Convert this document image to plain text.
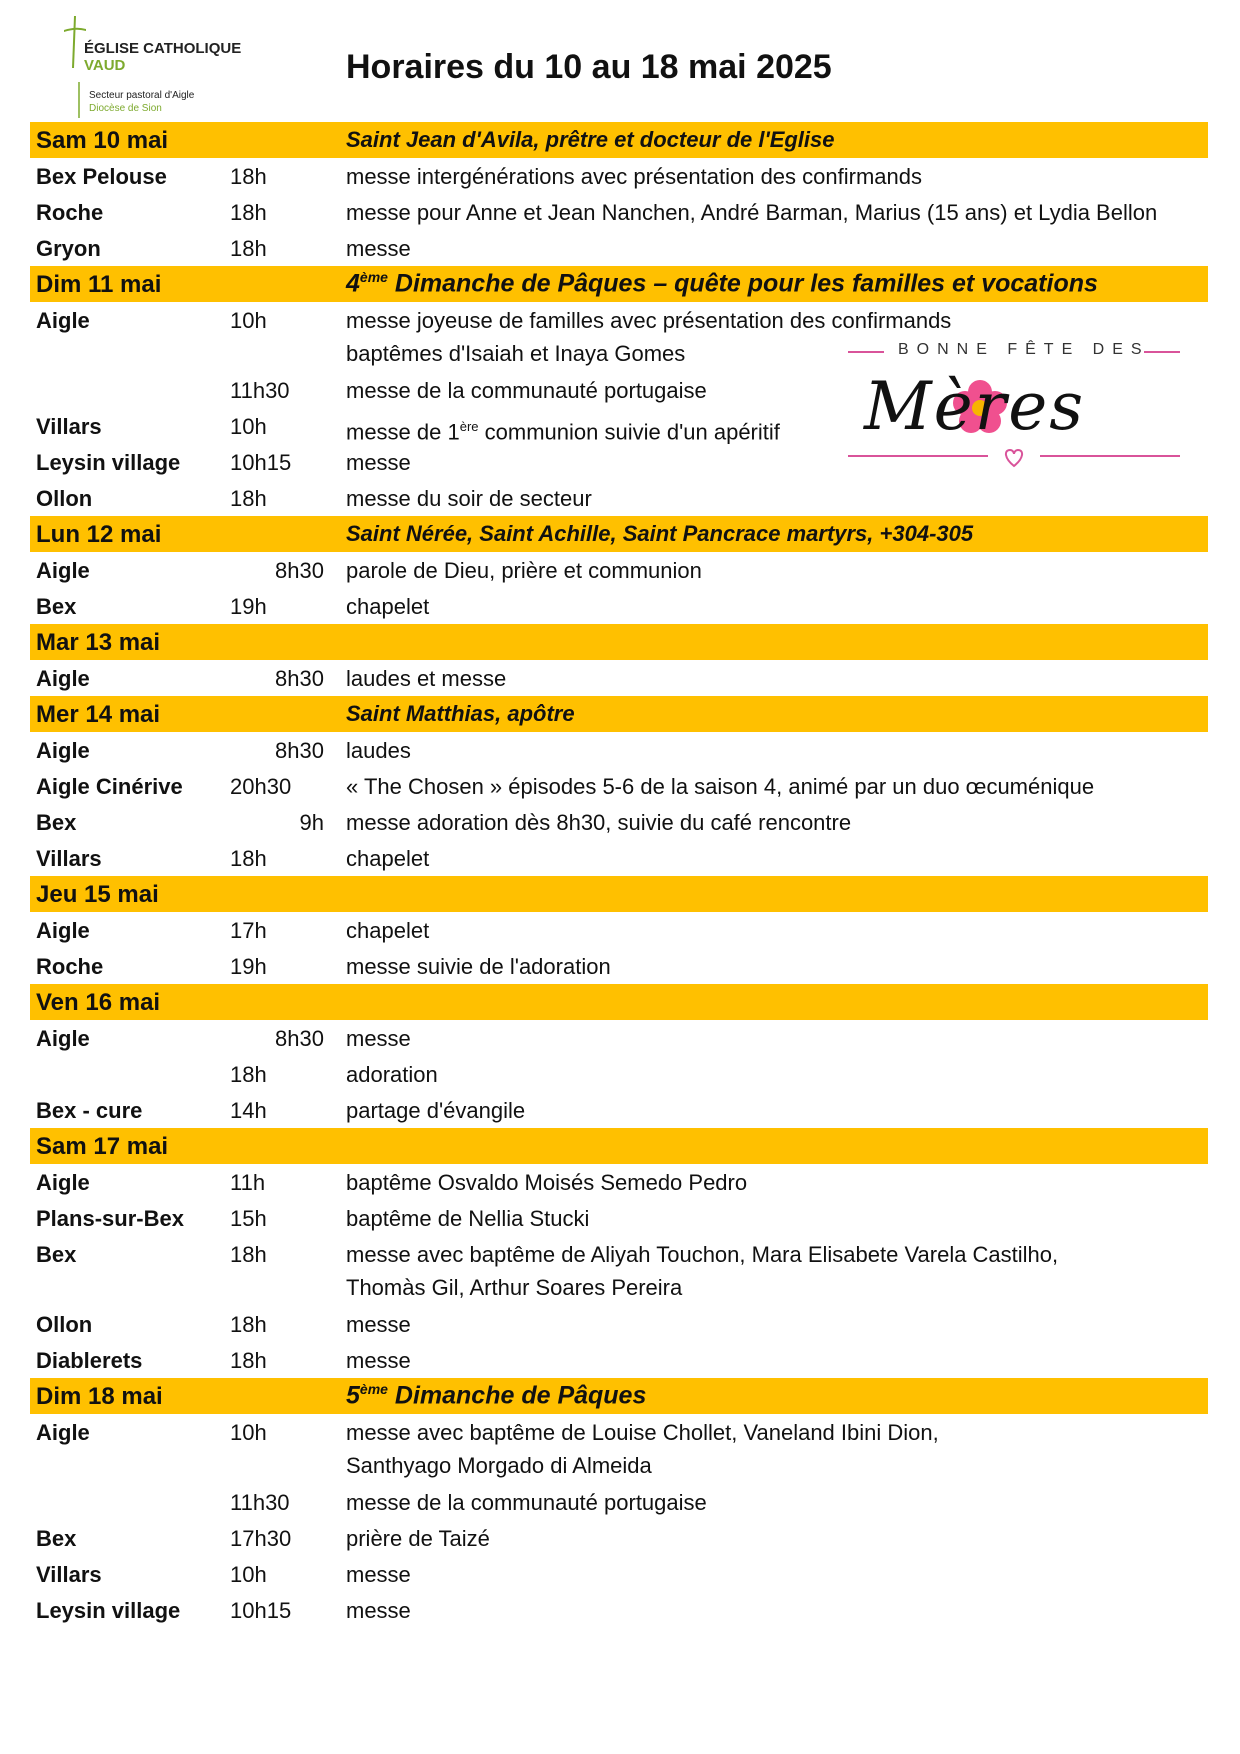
ÉGLISE CATHOLIQUE
VAUD
Secteur pastoral d'Aigle
Diocèse de Sion
Horaires du 10 au 18 mai 2025
BONNE FÊTE DES
Mères
Sam 10 mai	Saint Jean d'Avila, prêtre et docteur de l'Eglise
Bex Pelouse	18h	messe intergénérations avec présentation des confirmands
Roche	18h	messe pour Anne et Jean Nanchen, André Barman, Marius (15 ans) et Lydia Bellon
Gryon	18h	messe
Dim 11 mai	4ème Dimanche de Pâques – quête pour les familles et vocations
Aigle	10h	messe joyeuse de familles avec présentation des confirmands
baptêmes d'Isaiah et Inaya Gomes
11h30	messe de la communauté portugaise
Villars	10h	messe de 1ère communion suivie d'un apéritif
Leysin village 10h15	messe
Ollon	18h	messe du soir de secteur
Lun 12 mai	Saint Nérée, Saint Achille, Saint Pancrace martyrs, +304-305
Aigle	8h30 parole de Dieu, prière et communion
Bex	19h	chapelet
Mar 13 mai
Aigle	8h30 laudes et messe
Mer 14 mai	Saint Matthias, apôtre
Aigle	8h30 laudes
Aigle Cinérive 20h30	« The Chosen » épisodes 5-6 de la saison 4, animé par un duo œcuménique
Bex	9h messe adoration dès 8h30, suivie du café rencontre
Villars	18h	chapelet
Jeu 15 mai
Aigle	17h	chapelet
Roche	19h	messe suivie de l'adoration
Ven 16 mai
Aigle	8h30 messe
18h	adoration
Bex - cure	14h	partage d'évangile
Sam 17 mai
Aigle	11h	baptême Osvaldo Moisés Semedo Pedro
Plans-sur-Bex 15h	baptême de Nellia Stucki
Bex	18h	messe avec baptême de Aliyah Touchon, Mara Elisabete Varela Castilho,
Thomàs Gil, Arthur Soares Pereira
Ollon	18h	messe
Diablerets	18h	messe
Dim 18 mai	5ème Dimanche de Pâques
Aigle	10h	messe avec baptême de Louise Chollet, Vaneland Ibini Dion,
Santhyago Morgado di Almeida
11h30	messe de la communauté portugaise
Bex	17h30	prière de Taizé
Villars	10h	messe
Leysin village 10h15	messe
